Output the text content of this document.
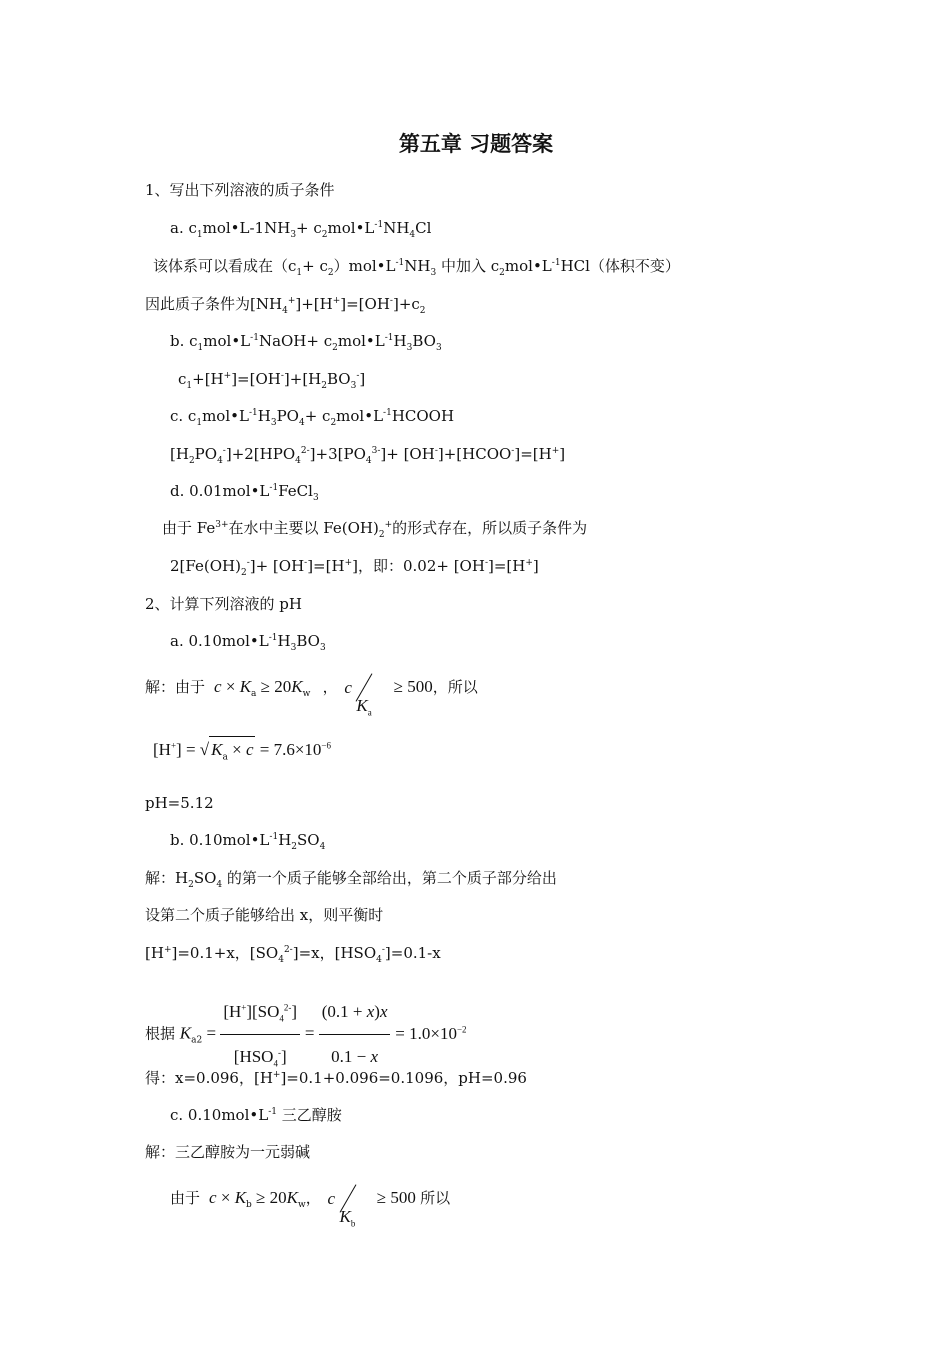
第五章 习题答案
1、写出下列溶液的质子条件
a. $c_1mol•L-1NH_3+$ $c_2mol•L^{-1}NH_4Cl$
该体系可以看成在（$c_1+$ $c_2)mol•L^{-1}NH_3$ 中加入 $c_2mol•L^{-1}HCl$（体积不变）
因此质子条件为$[NH_4^+]+[H^+]=[OH^-]+c_2$
b. $c_1mol•L^{-1}NaOH+$ $c_2mol•L^{-1}H_3BO_3$
$c_1+[H^+]=[OH^-]+[H_2BO_3^-]$
c. $c_1mol•L^{-1}H_3PO_4+$ $c_2mol•L^{-1}HCOOH$
$[H_2PO_4^-]+2[HPO_4^{2-}]+3[PO_4^{3-}]+$ [OH-]+[HCOO-]=[H+]
d. $0.01mol•L^{-1}FeCl_3$
由于 $Fe^{3+}$在水中主要以 $Fe(OH)_2^+$的形式存在，所以质子条件为
$2[Fe(OH)_2^-]+ [OH^-]=[H^+]$，即：0.02+ [OH-]=[H+]
2、计算下列溶液的 pH
a. $0.10mol•L^{-1}H_3BO_3$
解：由于  $c \times K_a \ge 20K_w$   ， c
$K_a$
≥ 500，所以
[H+] = √ $K_a \times c = 7.6\times 10^{-6}$
pH=5.12
b. $0.10mol•L^{-1}H_2SO_4$
解：$H_2SO_4$ 的第一个质子能够全部给出，第二个质子部分给出
设第二个质子能够给出 x，则平衡时
[H+]=0.1+x，$[SO_4^{2-}]=x$，$[HSO_4^-]=0.1-x$
根据 $K_{a2} = \frac{[H^+][SO_4^{2-}]}{[HSO_4^-]} = \frac{(0.1 + x)x}{0.1 - x} = 1.0\times 10^{-2}$
得：x=0.096，[H+]=0.1+0.096=0.1096，pH=0.96
c. $0.10mol•L^{-1}$ 三乙醇胺
解：三乙醇胺为一元弱碱
由于  $c \times K_b \ge 20K_w$， c
$K_b$
≥ 500 所以
